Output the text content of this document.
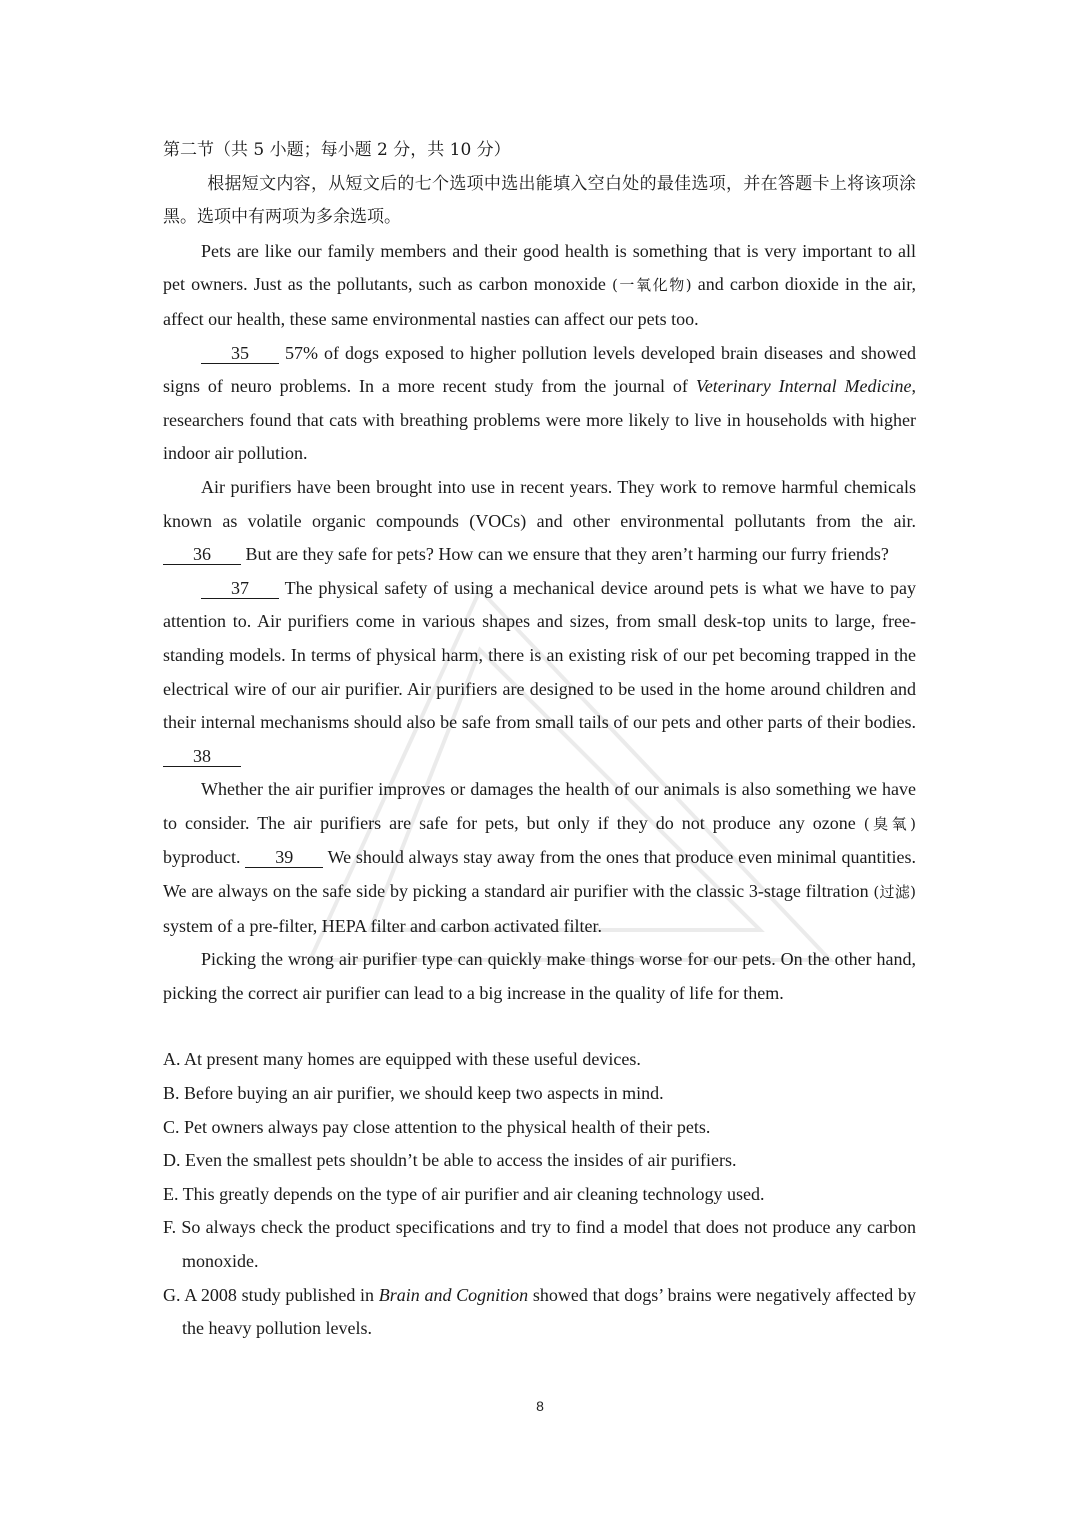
第二节（共 5 小题；每小题 2 分，共 10 分）

根据短文内容，从短文后的七个选项中选出能填入空白处的最佳选项，并在答题卡上将该项涂黑。选项中有两项为多余选项。

Pets are like our family members and their good health is something that is very important to all pet owners. Just as the pollutants, such as carbon monoxide (一氧化物) and carbon dioxide in the air, affect our health, these same environmental nasties can affect our pets too.

35 57% of dogs exposed to higher pollution levels developed brain diseases and showed signs of neuro problems. In a more recent study from the journal of Veterinary Internal Medicine, researchers found that cats with breathing problems were more likely to live in households with higher indoor air pollution.

Air purifiers have been brought into use in recent years. They work to remove harmful chemicals known as volatile organic compounds (VOCs) and other environmental pollutants from the air. 36 But are they safe for pets? How can we ensure that they aren’t harming our furry friends?

37 The physical safety of using a mechanical device around pets is what we have to pay attention to. Air purifiers come in various shapes and sizes, from small desk-top units to large, free-standing models. In terms of physical harm, there is an existing risk of our pet becoming trapped in the electrical wire of our air purifier. Air purifiers are designed to be used in the home around children and their internal mechanisms should also be safe from small tails of our pets and other parts of their bodies. 38

Whether the air purifier improves or damages the health of our animals is also something we have to consider. The air purifiers are safe for pets, but only if they do not produce any ozone (臭氧) byproduct. 39 We should always stay away from the ones that produce even minimal quantities. We are always on the safe side by picking a standard air purifier with the classic 3-stage filtration (过滤) system of a pre-filter, HEPA filter and carbon activated filter.

Picking the wrong air purifier type can quickly make things worse for our pets. On the other hand, picking the correct air purifier can lead to a big increase in the quality of life for them.

A. At present many homes are equipped with these useful devices.

B. Before buying an air purifier, we should keep two aspects in mind.

C. Pet owners always pay close attention to the physical health of their pets.

D. Even the smallest pets shouldn’t be able to access the insides of air purifiers.

E. This greatly depends on the type of air purifier and air cleaning technology used.

F. So always check the product specifications and try to find a model that does not produce any carbon monoxide.

G. A 2008 study published in Brain and Cognition showed that dogs’ brains were negatively affected by the heavy pollution levels.

8
